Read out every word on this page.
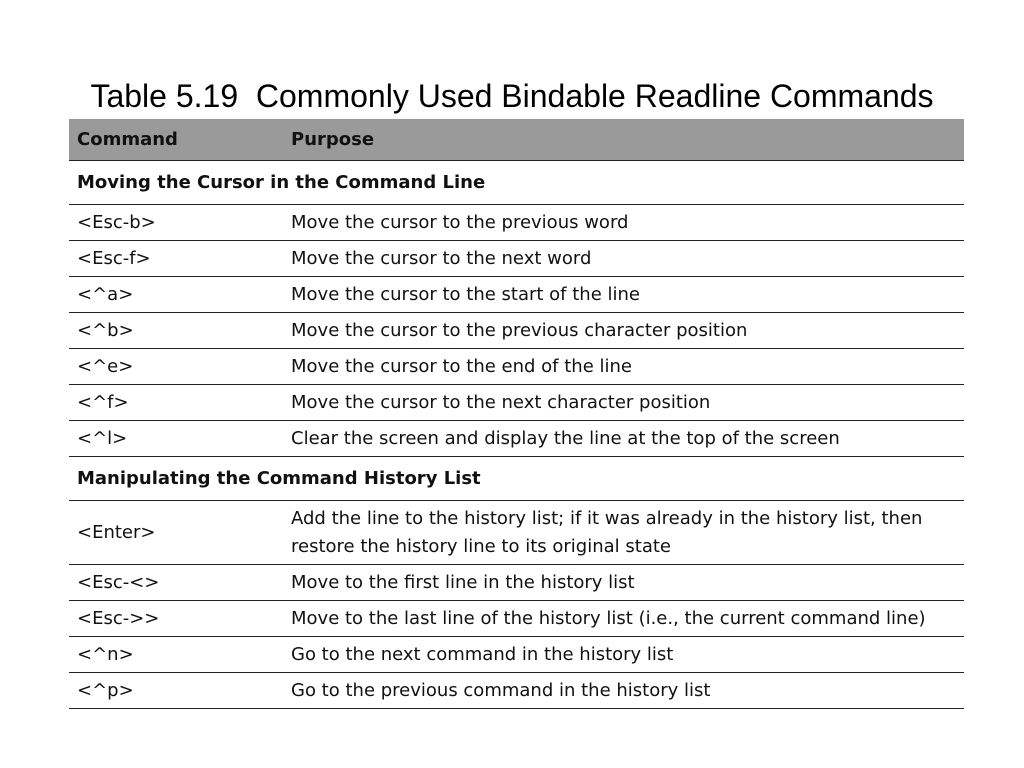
Table 5.19  Commonly Used Bindable Readline Commands
Command	Purpose
Moving the Cursor in the Command Line	
<Esc-b>	Move the cursor to the previous word
<Esc-f>	Move the cursor to the next word
<^a>	Move the cursor to the start of the line
<^b>	Move the cursor to the previous character position
<^e>	Move the cursor to the end of the line
<^f>	Move the cursor to the next character position
<^l>	Clear the screen and display the line at the top of the screen
Manipulating the Command History List	
<Enter>	Add the line to the history list; if it was already in the history list, then restore the history line to its original state
<Esc-<>	Move to the first line in the history list
<Esc->>	Move to the last line of the history list (i.e., the current command line)
<^n>	Go to the next command in the history list
<^p>	Go to the previous command in the history list
